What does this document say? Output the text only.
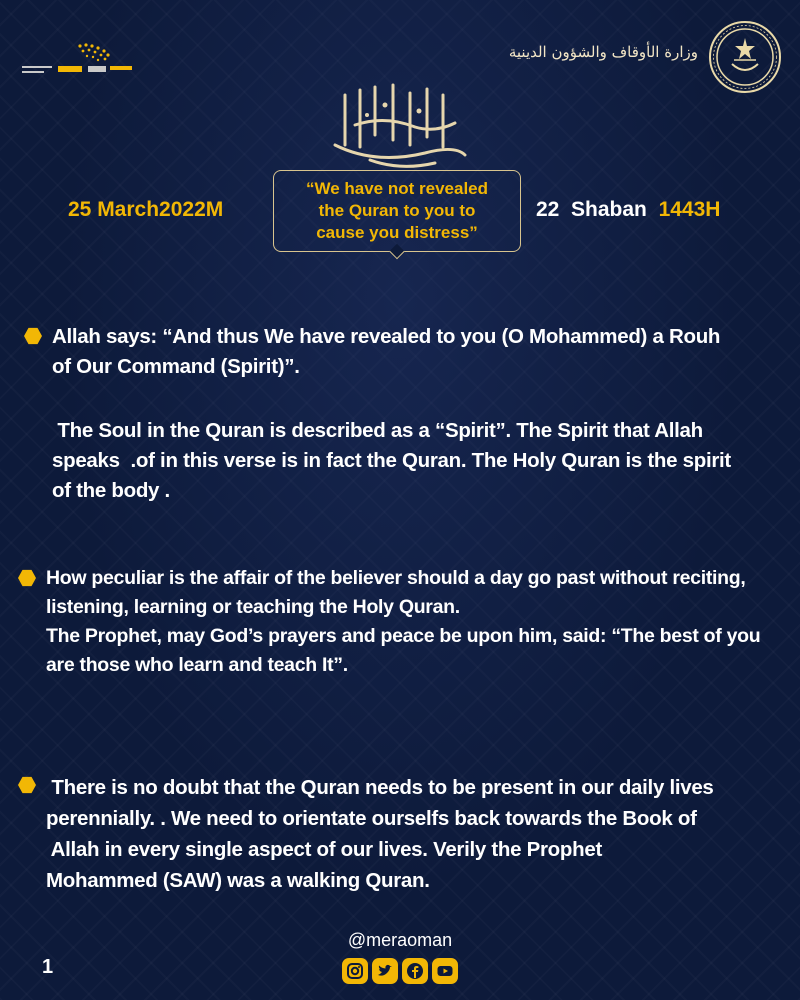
وزارة الأوقاف والشؤون الدينية
25 March2022M	22  Shaban 1443H
“We have not revealed
the Quran to you to
cause you distress”

Allah says: “And thus We have revealed to you (O Mohammed) a Rouh

of Our Command (Spirit)”.

The Soul in the Quran is described as a “Spirit”. The Spirit that Allah

speaks  .of in this verse is in fact the Quran. The Holy Quran is the spirit

of the body .

How peculiar is the affair of the believer should a day go past without reciting,

listening, learning or teaching the Holy Quran.

The Prophet, may God’s prayers and peace be upon him, said: “The best of you

are those who learn and teach It”.

There is no doubt that the Quran needs to be present in our daily lives

perennially. . We need to orientate ourselfs back towards the Book of

Allah in every single aspect of our lives. Verily the Prophet

Mohammed (SAW) was a walking Quran.

@meraoman
1
